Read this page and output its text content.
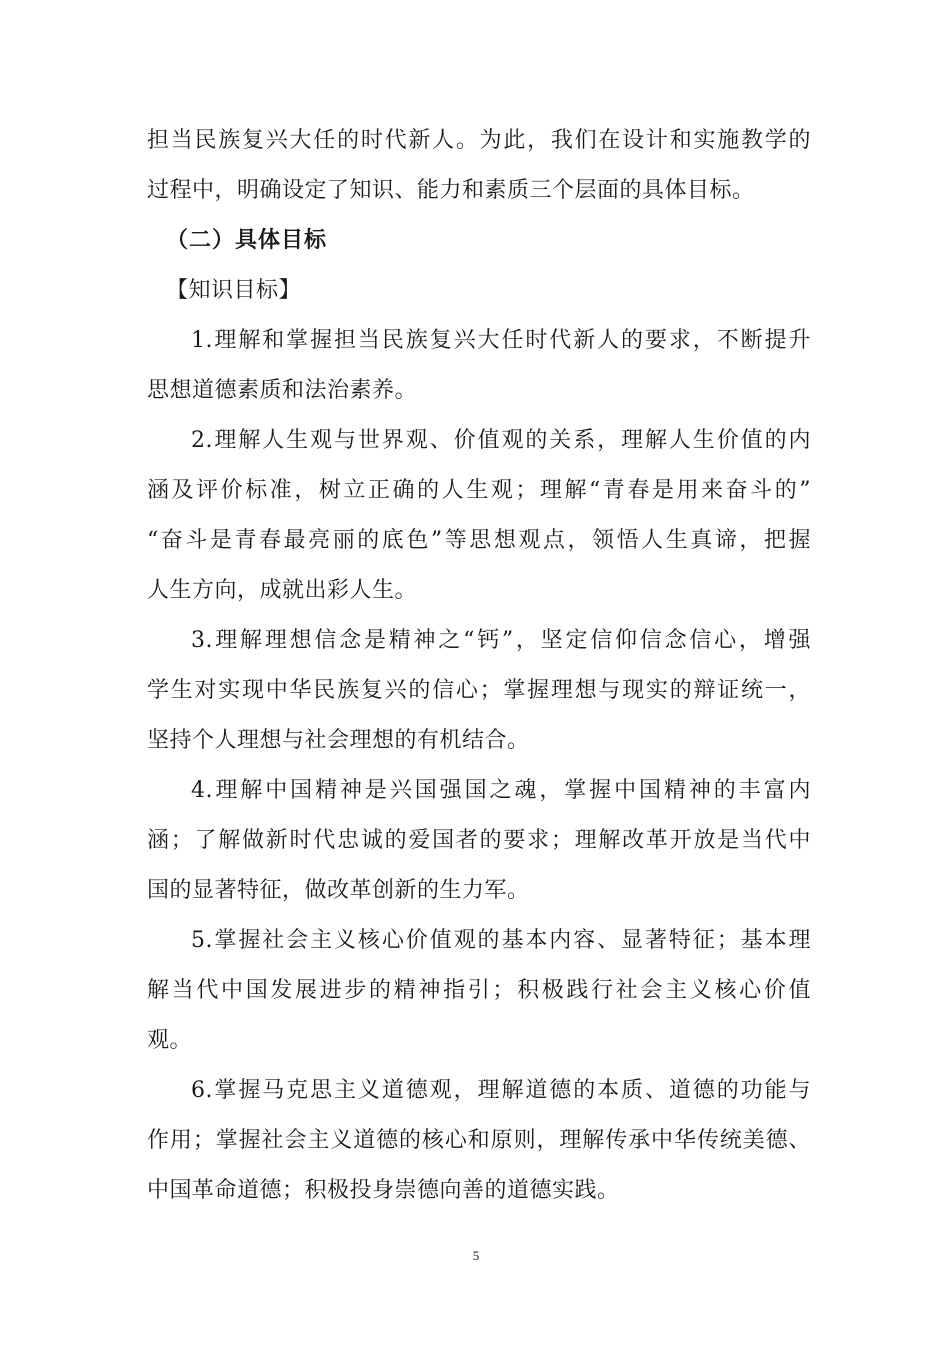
担当民族复兴大任的时代新人。为此，我们在设计和实施教学的
过程中，明确设定了知识、能力和素质三个层面的具体目标。
（二）具体目标
【知识目标】
1.理解和掌握担当民族复兴大任时代新人的要求，不断提升
思想道德素质和法治素养。
2.理解人生观与世界观、价值观的关系，理解人生价值的内
涵及评价标准，树立正确的人生观；理解“青春是用来奋斗的”
“奋斗是青春最亮丽的底色”等思想观点，领悟人生真谛，把握
人生方向，成就出彩人生。
3.理解理想信念是精神之“钙”，坚定信仰信念信心，增强
学生对实现中华民族复兴的信心；掌握理想与现实的辩证统一，
坚持个人理想与社会理想的有机结合。
4.理解中国精神是兴国强国之魂，掌握中国精神的丰富内
涵；了解做新时代忠诚的爱国者的要求；理解改革开放是当代中
国的显著特征，做改革创新的生力军。
5.掌握社会主义核心价值观的基本内容、显著特征；基本理
解当代中国发展进步的精神指引；积极践行社会主义核心价值
观。
6.掌握马克思主义道德观，理解道德的本质、道德的功能与
作用；掌握社会主义道德的核心和原则，理解传承中华传统美德、
中国革命道德；积极投身崇德向善的道德实践。
5
